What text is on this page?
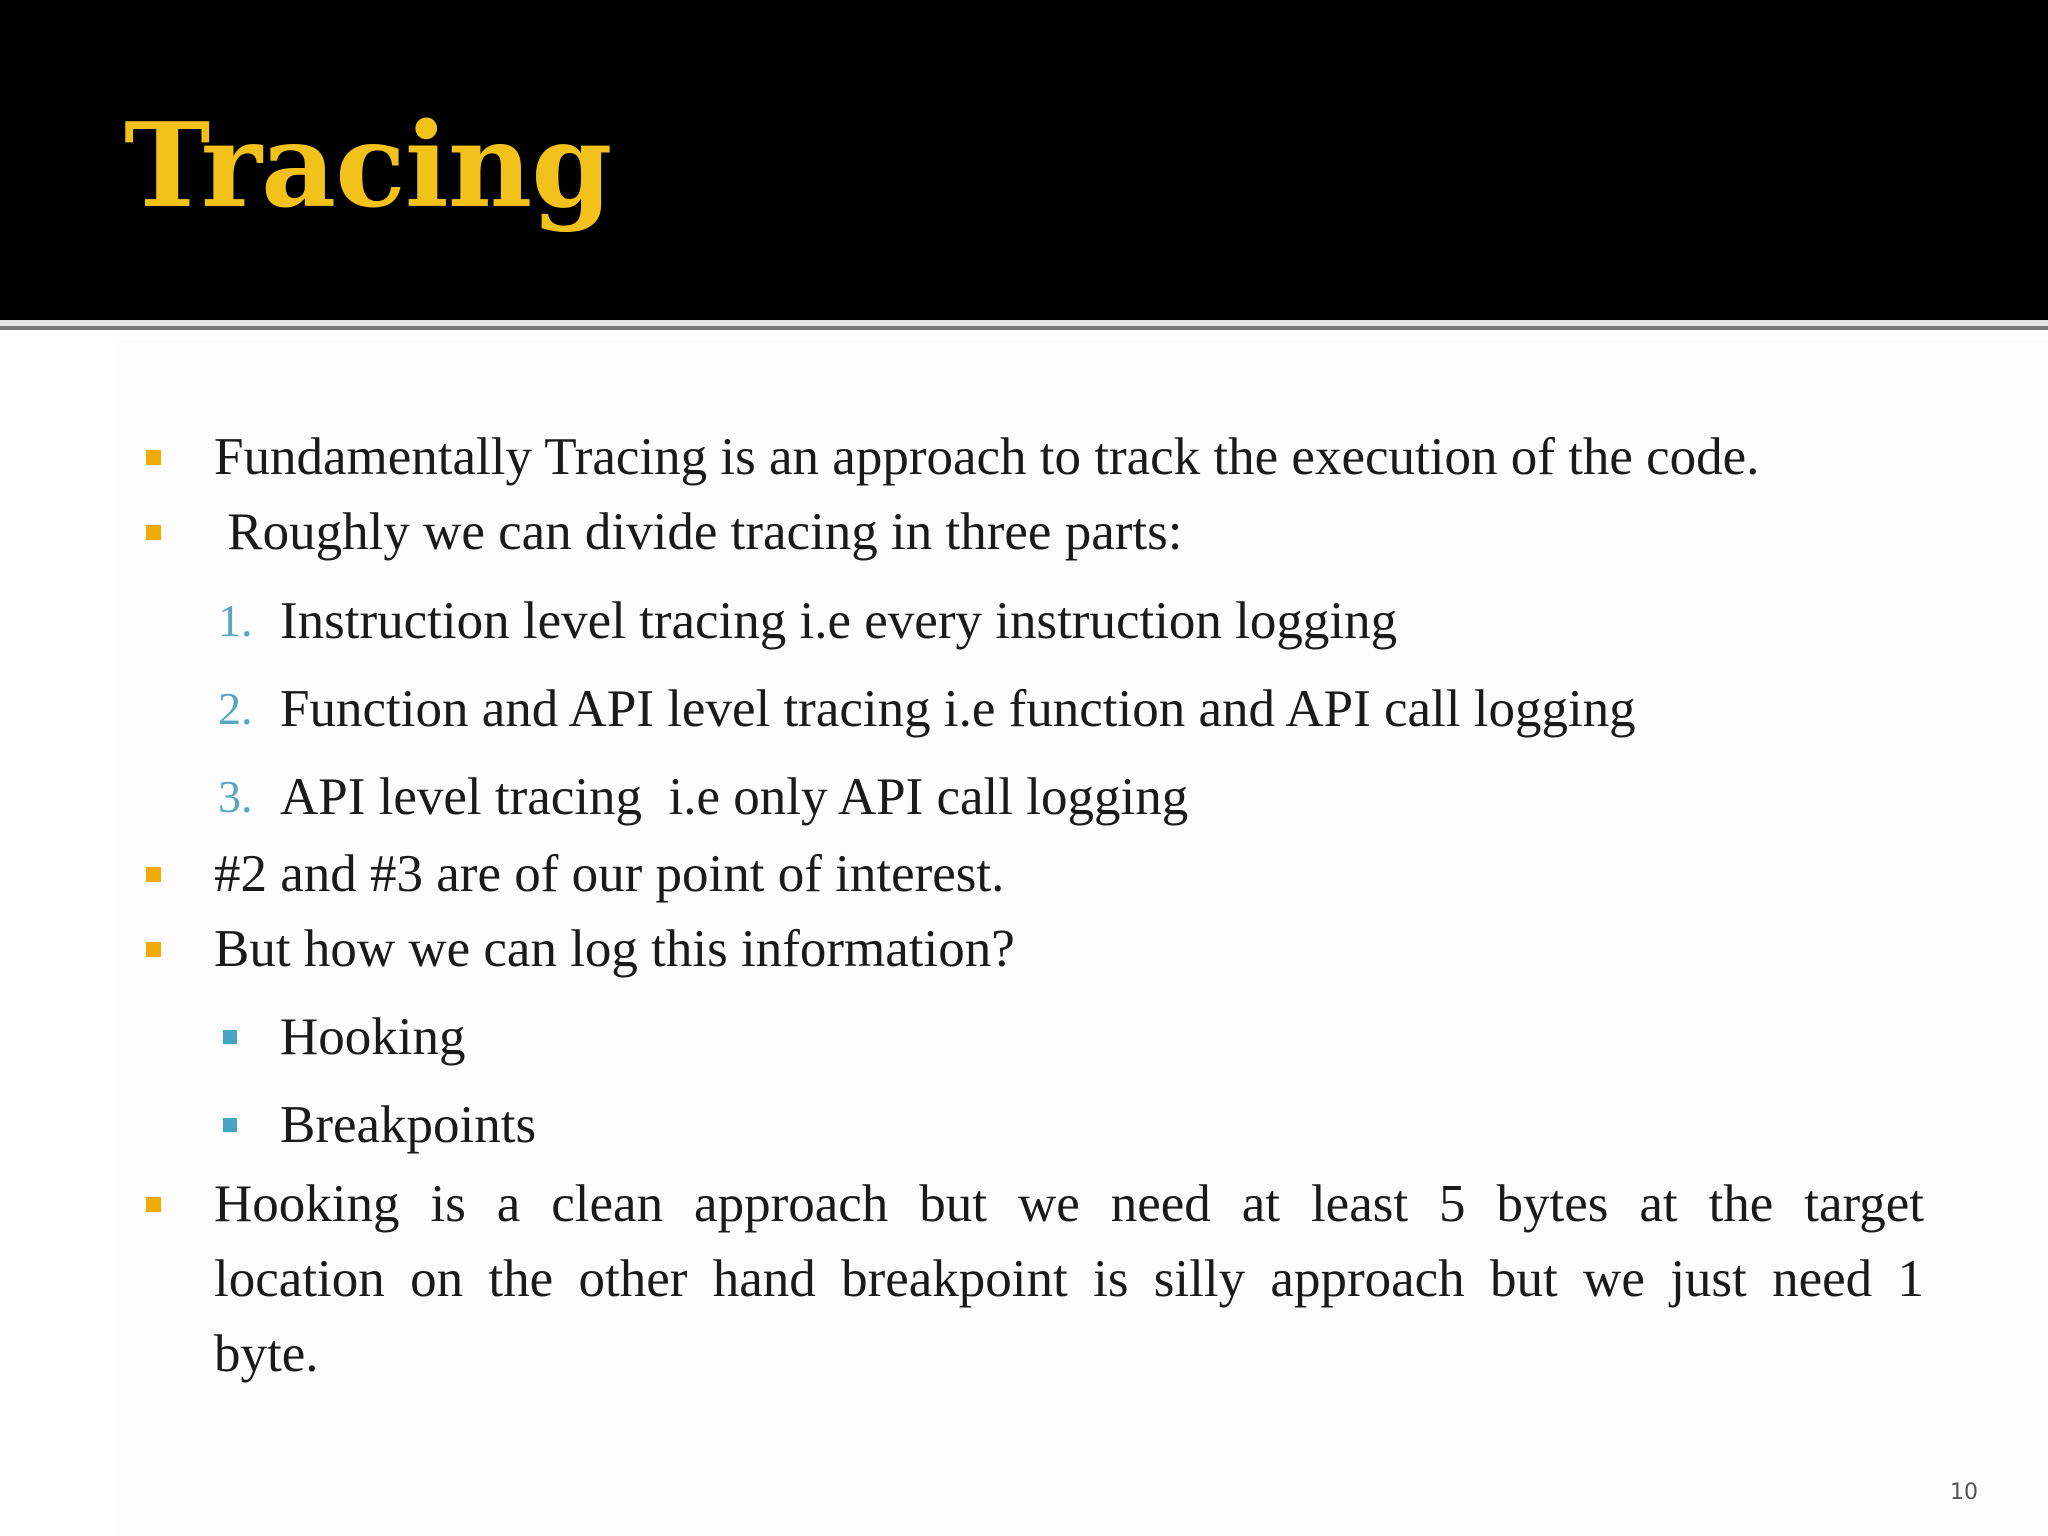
Tracing
Fundamentally Tracing is an approach to track the execution of the code.
Roughly we can divide tracing in three parts:
1. Instruction level tracing i.e every instruction logging
2. Function and API level tracing i.e function and API call logging
3. API level tracing  i.e only API call logging
#2 and #3 are of our point of interest.
But how we can log this information?
Hooking
Breakpoints
Hooking is a clean approach but we need at least 5 bytes at the target location on the other hand breakpoint is silly approach but we just need 1 byte.
10
